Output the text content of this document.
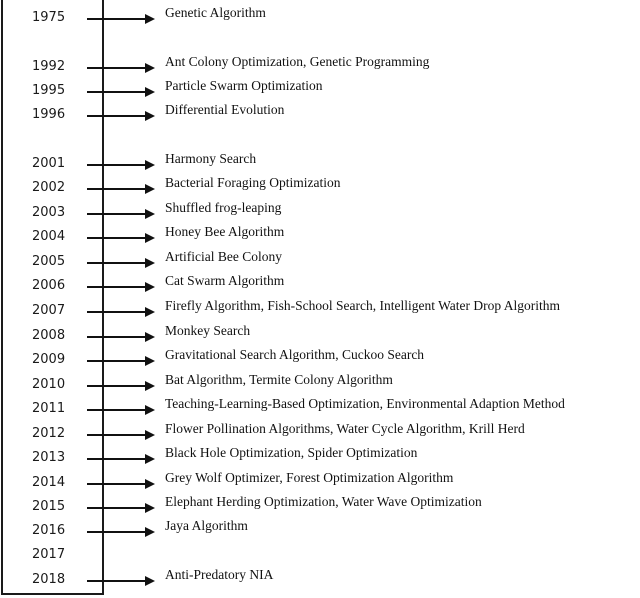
1975	Genetic Algorithm
1992	Ant Colony Optimization, Genetic Programming
1995	Particle Swarm Optimization
1996	Differential Evolution
2001	Harmony Search
2002	Bacterial Foraging Optimization
2003	Shuffled frog-leaping
2004	Honey Bee Algorithm
2005	Artificial Bee Colony
2006	Cat Swarm Algorithm
2007	Firefly Algorithm, Fish-School Search, Intelligent Water Drop Algorithm
2008	Monkey Search
2009	Gravitational Search Algorithm, Cuckoo Search
2010	Bat Algorithm, Termite Colony Algorithm
2011	Teaching-Learning-Based Optimization, Environmental Adaption Method
2012	Flower Pollination Algorithms, Water Cycle Algorithm, Krill Herd
2013	Black Hole Optimization, Spider Optimization
2014	Grey Wolf Optimizer, Forest Optimization Algorithm
2015	Elephant Herding Optimization, Water Wave Optimization
2016	Jaya Algorithm
2017
2018	Anti-Predatory NIA
